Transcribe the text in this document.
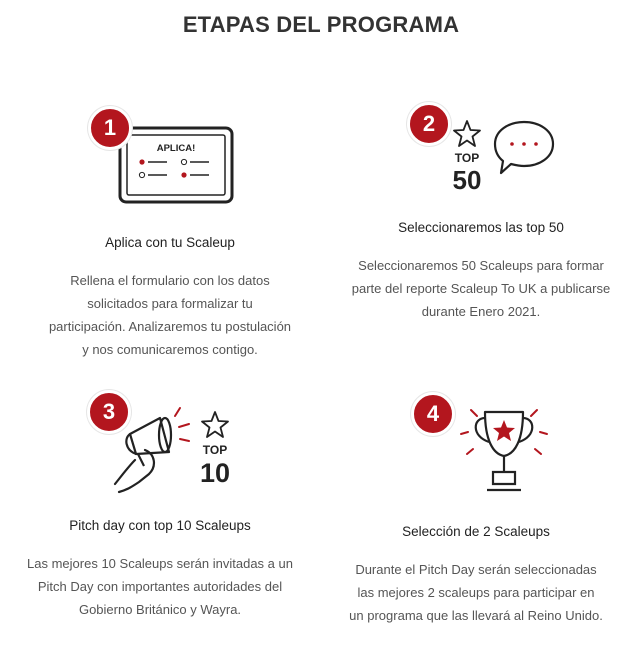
ETAPAS DEL PROGRAMA
APLICA!
1
Aplica con tu Scaleup

Rellena el formulario con los datos
solicitados para formalizar tu
participación. Analizaremos tu postulación
y nos comunicaremos contigo.

TOP
50
2
Seleccionaremos las top 50

Seleccionaremos 50 Scaleups para formar
parte del reporte Scaleup To UK a publicarse
durante Enero 2021.

TOP
10
3
Pitch day con top 10 Scaleups

Las mejores 10 Scaleups serán invitadas a un
Pitch Day con importantes autoridades del
Gobierno Británico y Wayra.

4
Selección de 2 Scaleups

Durante el Pitch Day serán seleccionadas
las mejores 2 scaleups para participar en
un programa que las llevará al Reino Unido.
